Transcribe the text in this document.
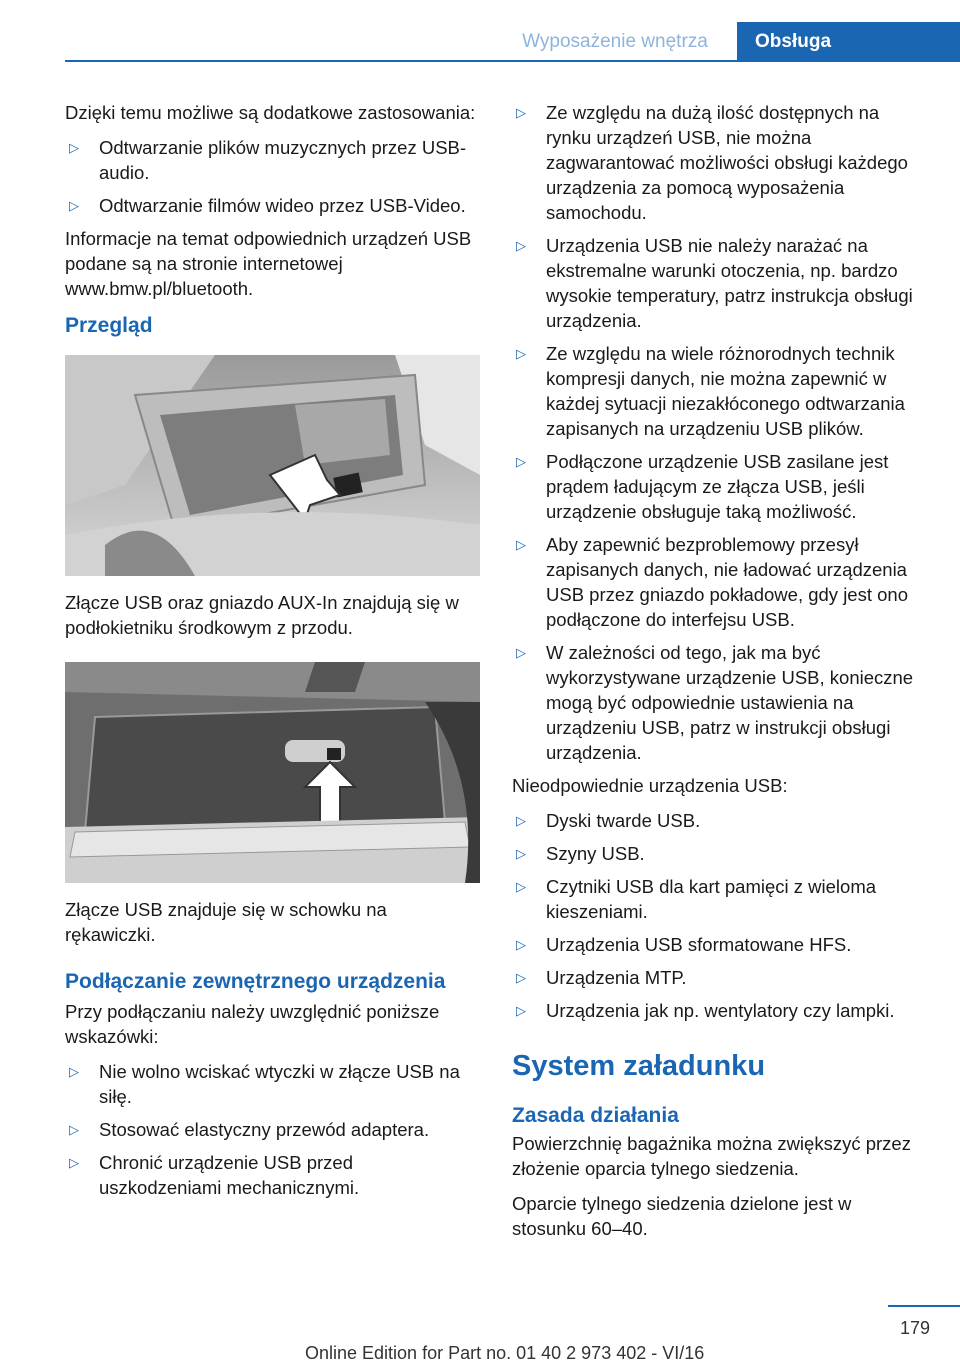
Wyposażenie wnętrza	Obsługa

Dzięki temu możliwe są dodatkowe zastosowania:

▷ Odtwarzanie plików muzycznych przez USB-audio.
▷ Odtwarzanie filmów wideo przez USB-Video.

Informacje na temat odpowiednich urządzeń USB podane są na stronie internetowej www.bmw.pl/bluetooth.

Przegląd

Złącze USB oraz gniazdo AUX-In znajdują się w podłokietniku środkowym z przodu.

Złącze USB znajduje się w schowku na rękawiczki.

Podłączanie zewnętrznego urządzenia

Przy podłączaniu należy uwzględnić poniższe wskazówki:

▷ Nie wolno wciskać wtyczki w złącze USB na siłę.
▷ Stosować elastyczny przewód adaptera.
▷ Chronić urządzenie USB przed uszkodzeniami mechanicznymi.
▷ Ze względu na dużą ilość dostępnych na rynku urządzeń USB, nie można zagwarantować możliwości obsługi każdego urządzenia za pomocą wyposażenia samochodu.
▷ Urządzenia USB nie należy narażać na ekstremalne warunki otoczenia, np. bardzo wysokie temperatury, patrz instrukcja obsługi urządzenia.
▷ Ze względu na wiele różnorodnych technik kompresji danych, nie można zapewnić w każdej sytuacji niezakłóconego odtwarzania zapisanych na urządzeniu USB plików.
▷ Podłączone urządzenie USB zasilane jest prądem ładującym ze złącza USB, jeśli urządzenie obsługuje taką możliwość.
▷ Aby zapewnić bezproblemowy przesył zapisanych danych, nie ładować urządzenia USB przez gniazdo pokładowe, gdy jest ono podłączone do interfejsu USB.
▷ W zależności od tego, jak ma być wykorzystywane urządzenie USB, konieczne mogą być odpowiednie ustawienia na urządzeniu USB, patrz w instrukcji obsługi urządzenia.

Nieodpowiednie urządzenia USB:

▷ Dyski twarde USB.
▷ Szyny USB.
▷ Czytniki USB dla kart pamięci z wieloma kieszeniami.
▷ Urządzenia USB sformatowane HFS.
▷ Urządzenia MTP.
▷ Urządzenia jak np. wentylatory czy lampki.
System załadunku
Zasada działania

Powierzchnię bagażnika można zwiększyć przez złożenie oparcia tylnego siedzenia.

Oparcie tylnego siedzenia dzielone jest w stosunku 60–40.

179
Online Edition for Part no. 01 40 2 973 402 - VI/16
